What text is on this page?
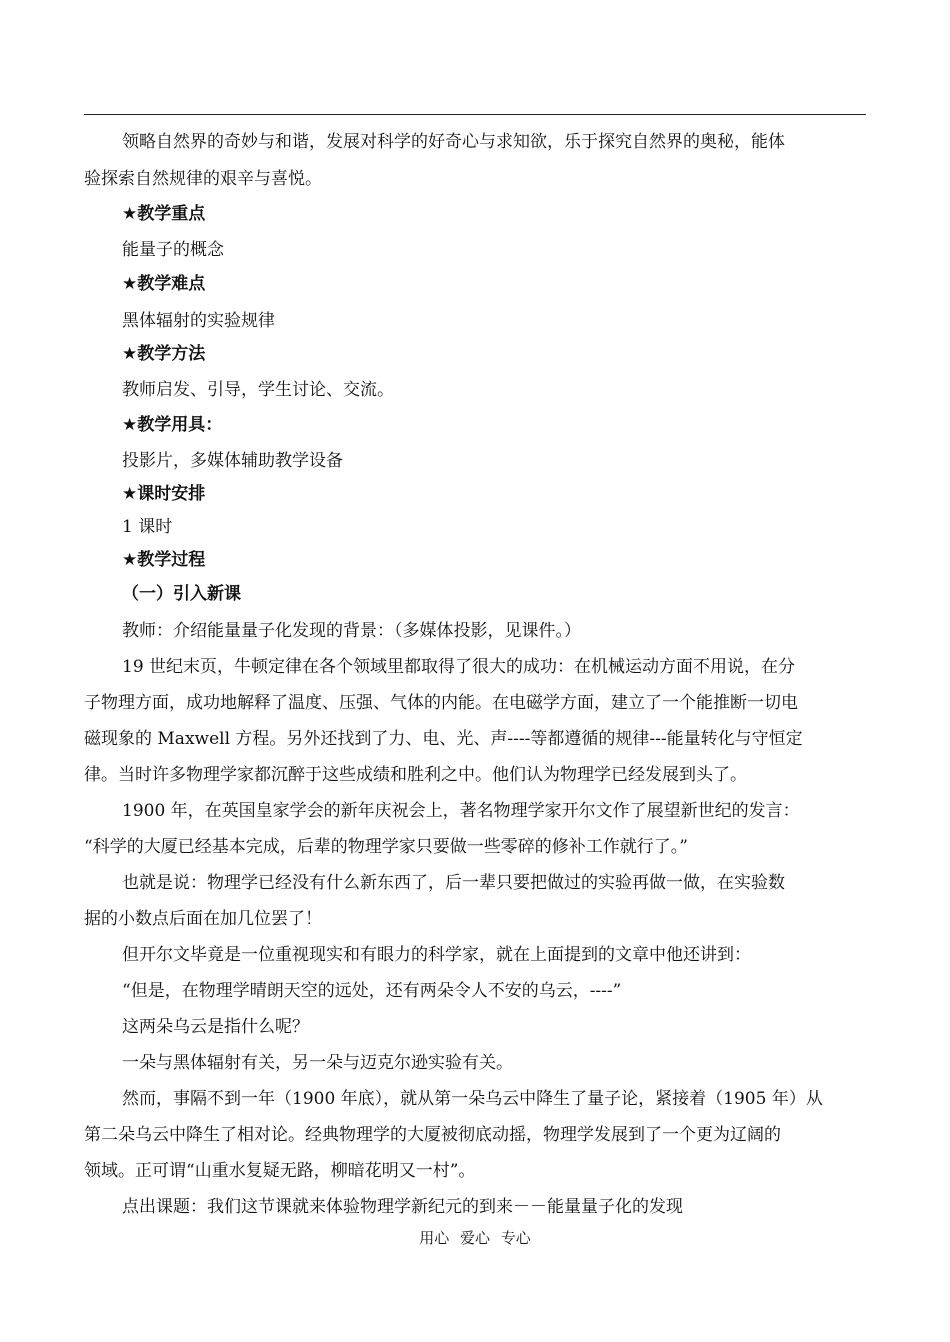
领略自然界的奇妙与和谐，发展对科学的好奇心与求知欲，乐于探究自然界的奥秘，能体
验探索自然规律的艰辛与喜悦。
★教学重点
能量子的概念
★教学难点
黑体辐射的实验规律
★教学方法
教师启发、引导，学生讨论、交流。
★教学用具：
投影片，多媒体辅助教学设备
★课时安排
1 课时
★教学过程
（一）引入新课
教师：介绍能量量子化发现的背景：（多媒体投影，见课件。）
19 世纪末页，牛顿定律在各个领域里都取得了很大的成功：在机械运动方面不用说，在分
子物理方面，成功地解释了温度、压强、气体的内能。在电磁学方面，建立了一个能推断一切电
磁现象的 Maxwell 方程。另外还找到了力、电、光、声----等都遵循的规律---能量转化与守恒定
律。当时许多物理学家都沉醉于这些成绩和胜利之中。他们认为物理学已经发展到头了。
1900 年，在英国皇家学会的新年庆祝会上，著名物理学家开尔文作了展望新世纪的发言：
“科学的大厦已经基本完成，后辈的物理学家只要做一些零碎的修补工作就行了。”
也就是说：物理学已经没有什么新东西了，后一辈只要把做过的实验再做一做，在实验数
据的小数点后面在加几位罢了！
但开尔文毕竟是一位重视现实和有眼力的科学家，就在上面提到的文章中他还讲到：
“但是，在物理学晴朗天空的远处，还有两朵令人不安的乌云，----”
这两朵乌云是指什么呢？
一朵与黑体辐射有关，另一朵与迈克尔逊实验有关。
然而，事隔不到一年（1900 年底），就从第一朵乌云中降生了量子论，紧接着（1905 年）从
第二朵乌云中降生了相对论。经典物理学的大厦被彻底动摇，物理学发展到了一个更为辽阔的
领域。正可谓“山重水复疑无路，柳暗花明又一村”。
点出课题：我们这节课就来体验物理学新纪元的到来－－能量量子化的发现
用心 爱心 专心
